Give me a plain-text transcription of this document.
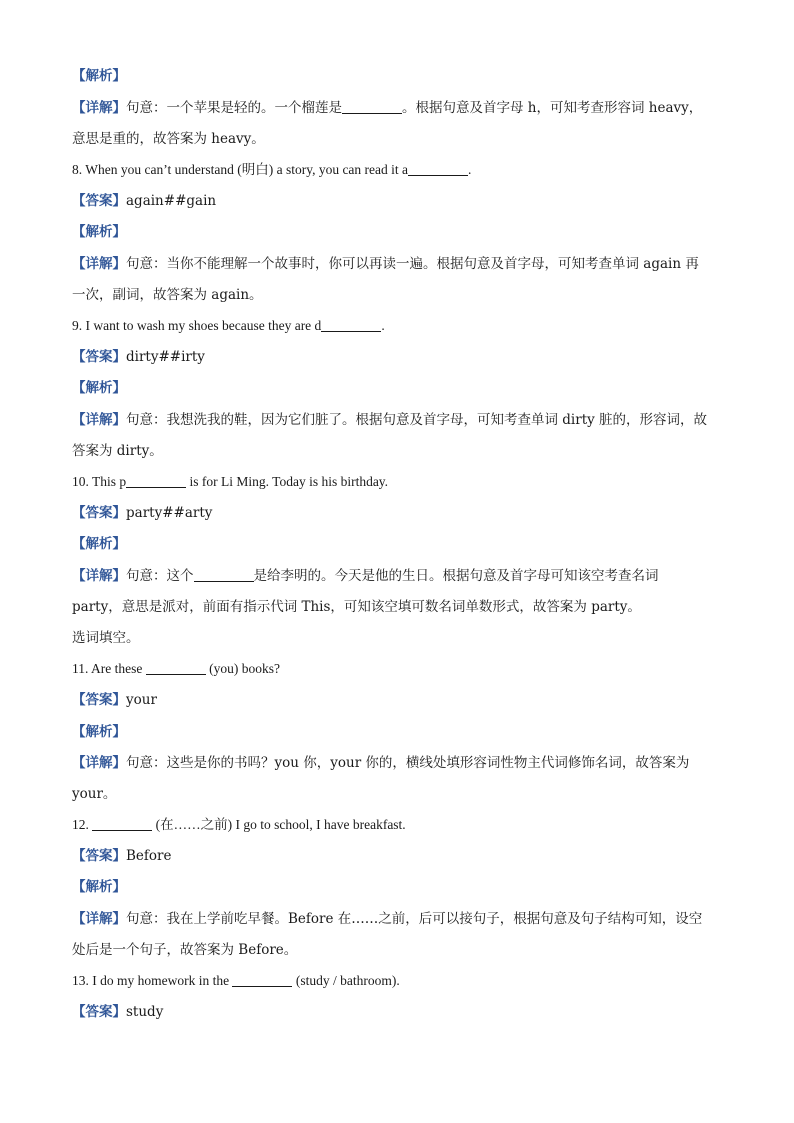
【解析】
【详解】句意：一个苹果是轻的。一个榴莲是	。根据句意及首字母 h，可知考查形容词 heavy，
意思是重的，故答案为 heavy。
8. When you can’t understand (明白) a story, you can read it a	.
【答案】again##gain
【解析】
【详解】句意：当你不能理解一个故事时，你可以再读一遍。根据句意及首字母，可知考查单词 again 再
一次，副词，故答案为 again。
9. I want to wash my shoes because they are d	.
【答案】dirty##irty
【解析】
【详解】句意：我想洗我的鞋，因为它们脏了。根据句意及首字母，可知考查单词 dirty 脏的，形容词，故
答案为 dirty。
10. This p	is for Li Ming. Today is his birthday.
【答案】party##arty
【解析】
【详解】句意：这个	是给李明的。今天是他的生日。根据句意及首字母可知该空考查名词
party，意思是派对，前面有指示代词 This，可知该空填可数名词单数形式，故答案为 party。
选词填空。
11. Are these	(you) books?
【答案】your
【解析】
【详解】句意：这些是你的书吗？you 你，your 你的，横线处填形容词性物主代词修饰名词，故答案为
your。
12.	(在……之前) I go to school, I have breakfast.
【答案】Before
【解析】
【详解】句意：我在上学前吃早餐。Before 在……之前，后可以接句子，根据句意及句子结构可知，设空
处后是一个句子，故答案为 Before。
13. I do my homework in the	(study / bathroom).
【答案】study
